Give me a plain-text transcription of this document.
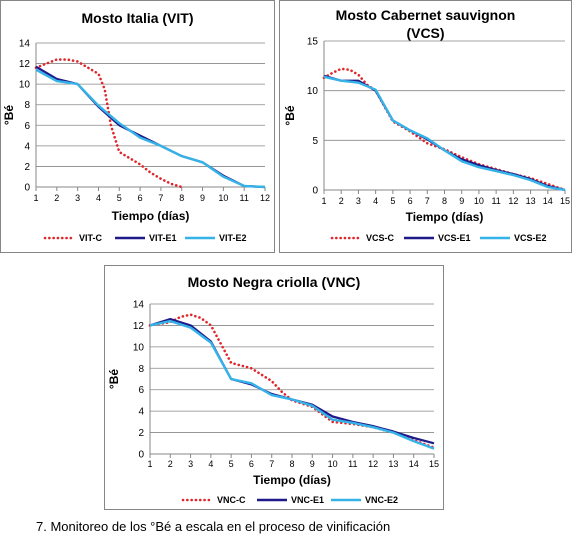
Mosto Italia (VIT)
0
2
4
6
8
10
12
14
1 2 3 4 5 6 7 8 9 10 11 12
Tiempo (días)
°Bé
VIT-C	VIT-E1	VIT-E2
Mosto Cabernet sauvignon (VCS)
0
5
10
15
1 2 3 4 5 6 7 8 9 10 11 12 13 14 15
Tiempo (días)
°Bé
VCS-C	VCS-E1	VCS-E2
Mosto Negra criolla (VNC)
0
2
4
6
8
10
12
14
1 2 3 4 5 6 7 8 9 10 11 12 13 14 15
Tiempo (días)
°Bé
VNC-C	VNC-E1	VNC-E2
7. Monitoreo de los °Bé a escala en el proceso de vinificación
